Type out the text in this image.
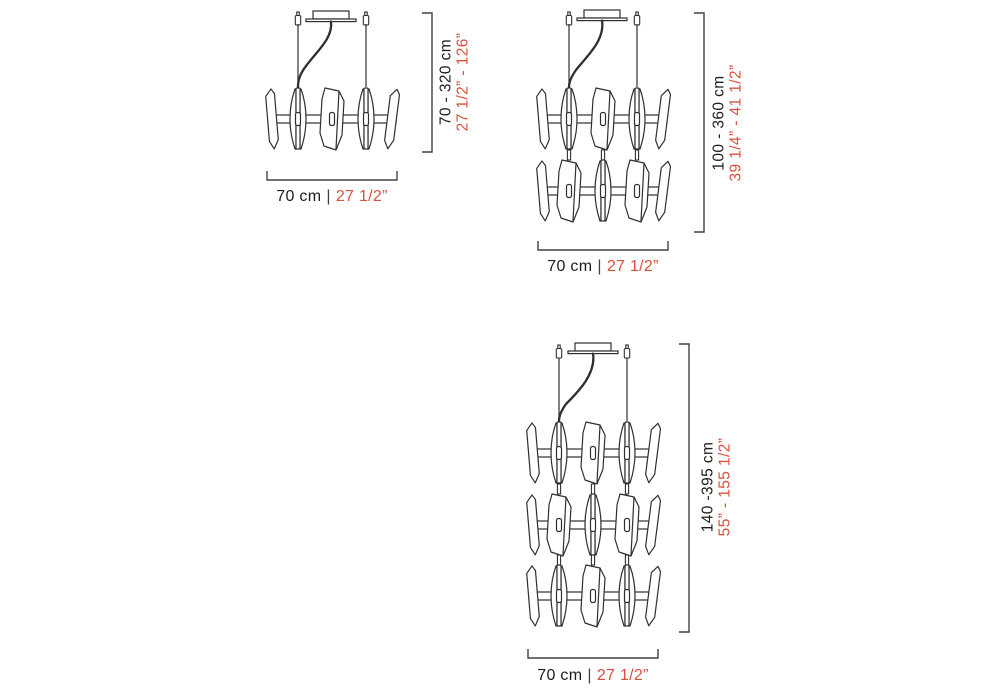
70 - 320 cm 27 1/2” - 126”
70 cm | 27 1/2”
100 - 360 cm 39 1/4” - 41 1/2”
70 cm | 27 1/2”
140 -395 cm 55” - 155 1/2”
70 cm | 27 1/2”
